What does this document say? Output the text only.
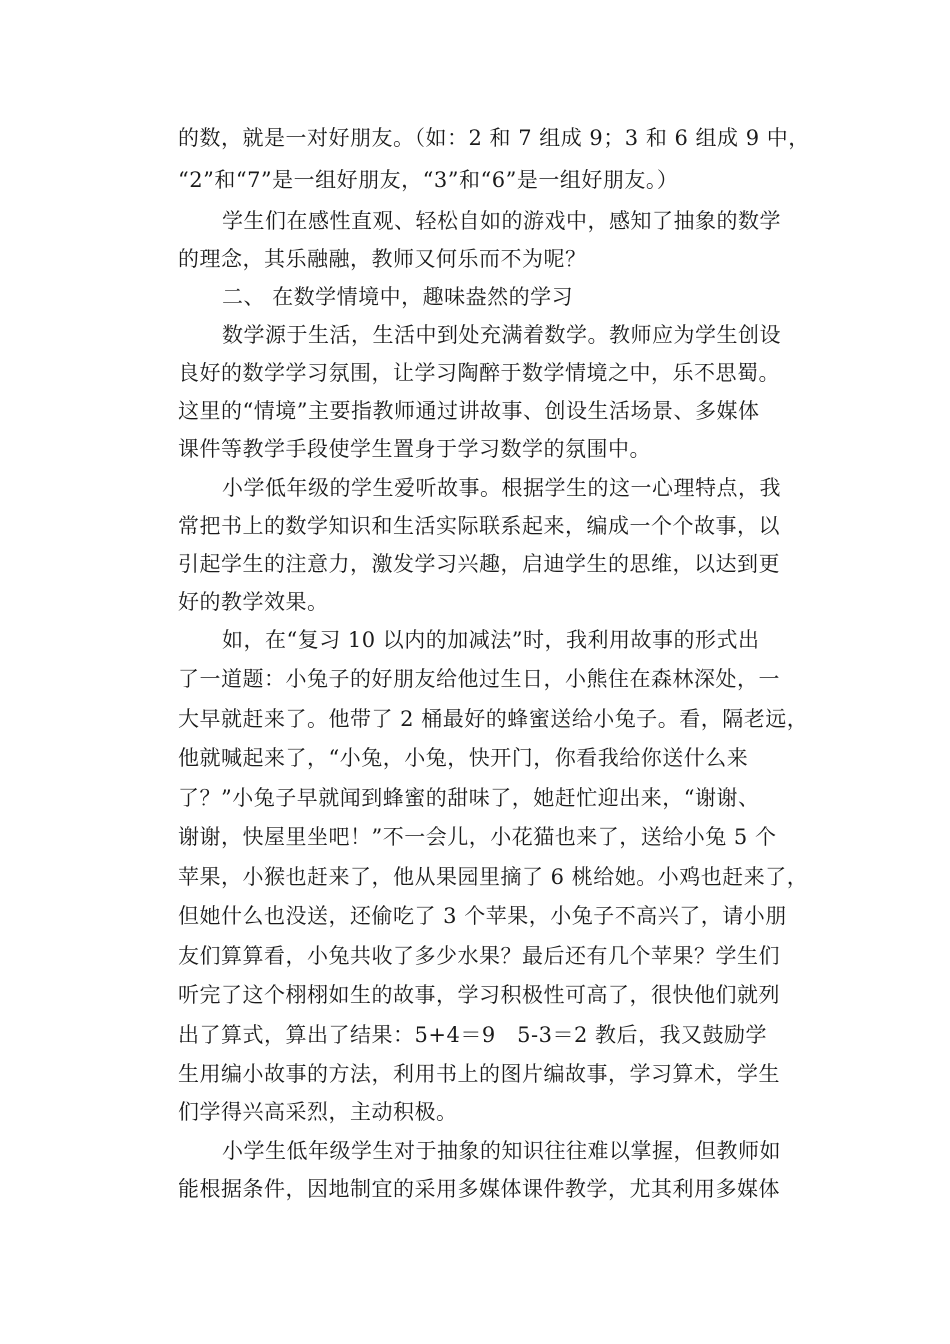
的数，就是一对好朋友。（如：2 和 7 组成 9；3 和 6 组成 9 中，
“2”和“7”是一组好朋友，“3”和“6”是一组好朋友。）
学生们在感性直观、轻松自如的游戏中，感知了抽象的数学
的理念，其乐融融，教师又何乐而不为呢？
二、 在数学情境中，趣味盎然的学习
数学源于生活，生活中到处充满着数学。教师应为学生创设
良好的数学学习氛围，让学习陶醉于数学情境之中，乐不思蜀。
这里的“情境”主要指教师通过讲故事、创设生活场景、多媒体
课件等教学手段使学生置身于学习数学的氛围中。
小学低年级的学生爱听故事。根据学生的这一心理特点，我
常把书上的数学知识和生活实际联系起来，编成一个个故事，以
引起学生的注意力，激发学习兴趣，启迪学生的思维，以达到更
好的教学效果。
如，在“复习 10 以内的加减法”时，我利用故事的形式出
了一道题：小兔子的好朋友给他过生日，小熊住在森林深处，一
大早就赶来了。他带了 2 桶最好的蜂蜜送给小兔子。看，隔老远，
他就喊起来了，“小兔，小兔，快开门，你看我给你送什么来
了？”小兔子早就闻到蜂蜜的甜味了，她赶忙迎出来，“谢谢、
谢谢，快屋里坐吧！”不一会儿，小花猫也来了，送给小兔 5 个
苹果，小猴也赶来了，他从果园里摘了 6 桃给她。小鸡也赶来了，
但她什么也没送，还偷吃了 3 个苹果，小兔子不高兴了，请小朋
友们算算看，小兔共收了多少水果？最后还有几个苹果？学生们
听完了这个栩栩如生的故事，学习积极性可高了，很快他们就列
出了算式，算出了结果：5+4＝9　5-3＝2 教后，我又鼓励学
生用编小故事的方法，利用书上的图片编故事，学习算术，学生
们学得兴高采烈，主动积极。
小学生低年级学生对于抽象的知识往往难以掌握，但教师如
能根据条件，因地制宜的采用多媒体课件教学，尤其利用多媒体
